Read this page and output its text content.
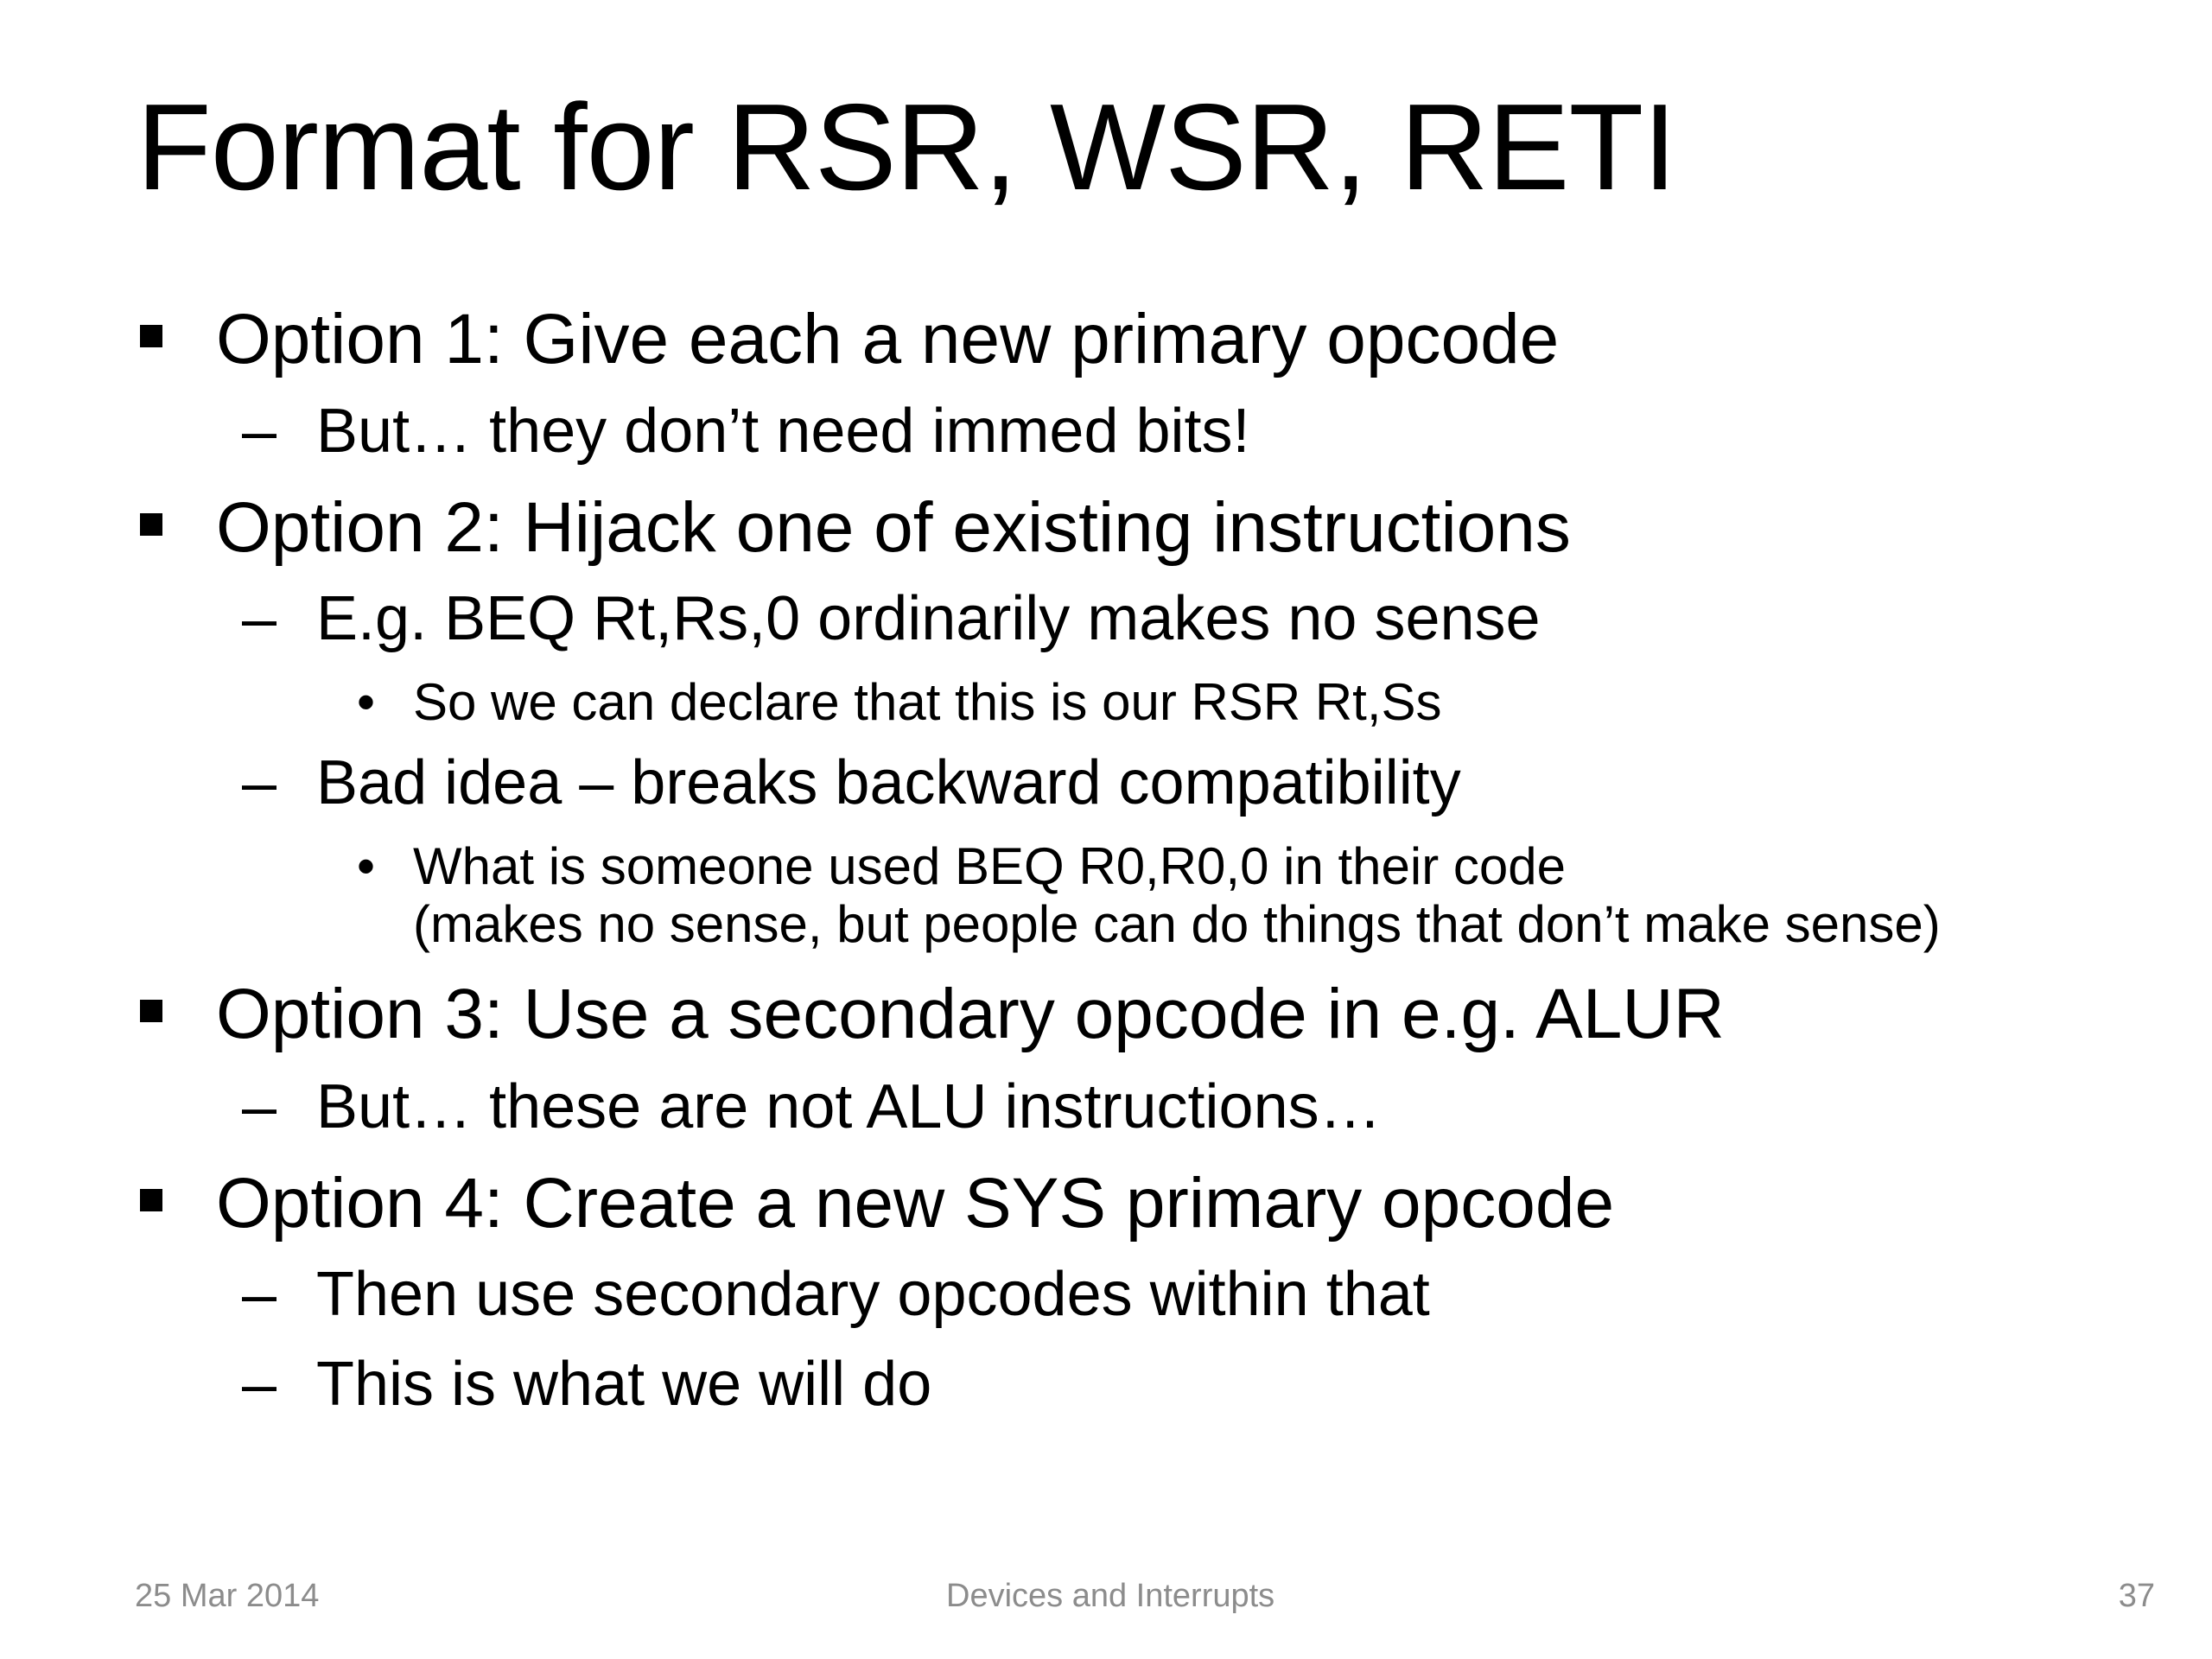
Format for RSR, WSR, RETI
Option 1: Give each a new primary opcode
– But… they don’t need immed bits!
Option 2: Hijack one of existing instructions
– E.g. BEQ Rt,Rs,0 ordinarily makes no sense
• So we can declare that this is our RSR Rt,Ss
– Bad idea – breaks backward compatibility
• What is someone used BEQ R0,R0,0 in their code
(makes no sense, but people can do things that don’t make sense)
Option 3: Use a secondary opcode in e.g. ALUR
– But… these are not ALU instructions…
Option 4: Create a new SYS primary opcode
– Then use secondary opcodes within that
– This is what we will do
25 Mar 2014	Devices and Interrupts	37
